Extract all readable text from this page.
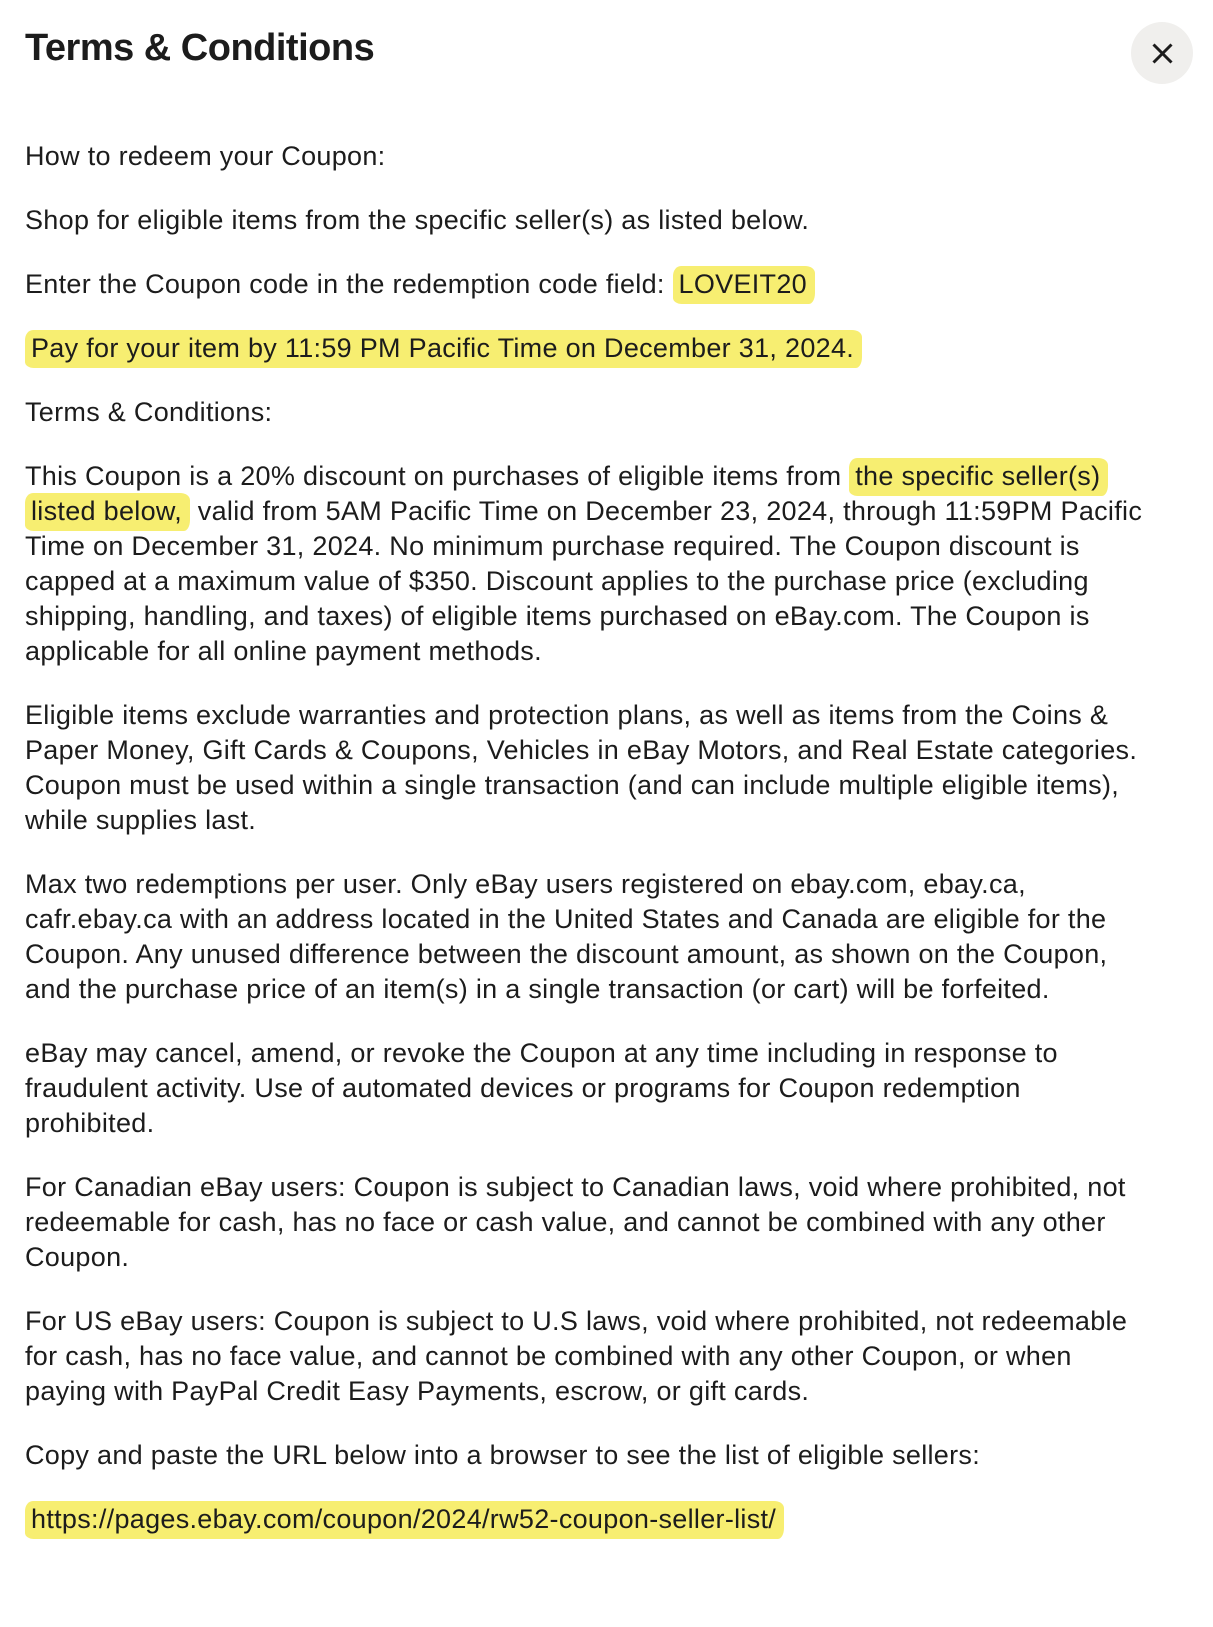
Terms & Conditions

How to redeem your Coupon:

Shop for eligible items from the specific seller(s) as listed below.

Enter the Coupon code in the redemption code field: LOVEIT20

Pay for your item by 11:59 PM Pacific Time on December 31, 2024.

Terms & Conditions:

This Coupon is a 20% discount on purchases of eligible items from the specific seller(s) listed below, valid from 5AM Pacific Time on December 23, 2024, through 11:59PM Pacific Time on December 31, 2024. No minimum purchase required. The Coupon discount is capped at a maximum value of $350. Discount applies to the purchase price (excluding shipping, handling, and taxes) of eligible items purchased on eBay.com. The Coupon is applicable for all online payment methods.

Eligible items exclude warranties and protection plans, as well as items from the Coins & Paper Money, Gift Cards & Coupons, Vehicles in eBay Motors, and Real Estate categories. Coupon must be used within a single transaction (and can include multiple eligible items), while supplies last.

Max two redemptions per user. Only eBay users registered on ebay.com, ebay.ca, cafr.ebay.ca with an address located in the United States and Canada are eligible for the Coupon. Any unused difference between the discount amount, as shown on the Coupon, and the purchase price of an item(s) in a single transaction (or cart) will be forfeited.

eBay may cancel, amend, or revoke the Coupon at any time including in response to fraudulent activity. Use of automated devices or programs for Coupon redemption prohibited.

For Canadian eBay users: Coupon is subject to Canadian laws, void where prohibited, not redeemable for cash, has no face or cash value, and cannot be combined with any other Coupon.

For US eBay users: Coupon is subject to U.S laws, void where prohibited, not redeemable for cash, has no face value, and cannot be combined with any other Coupon, or when paying with PayPal Credit Easy Payments, escrow, or gift cards.

Copy and paste the URL below into a browser to see the list of eligible sellers:

https://pages.ebay.com/coupon/2024/rw52-coupon-seller-list/
